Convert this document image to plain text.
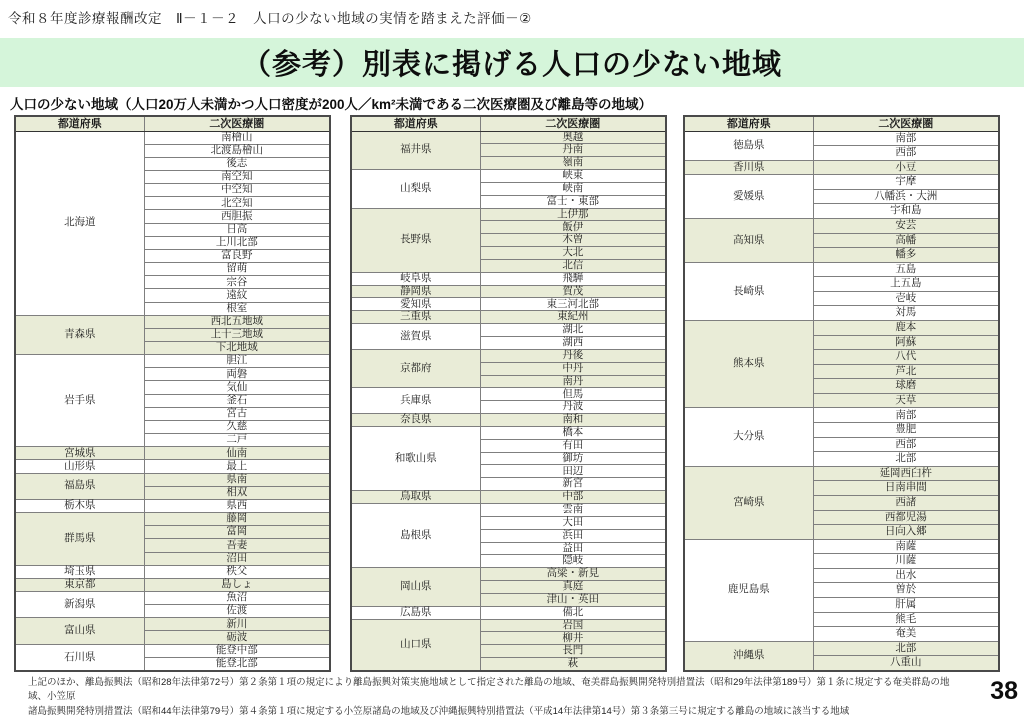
令和８年度診療報酬改定　Ⅱ－１－２　人口の少ない地域の実情を踏まえた評価－②
（参考）別表に掲げる人口の少ない地域
人口の少ない地域（人口20万人未満かつ人口密度が200人／km²未満である二次医療圏及び離島等の地域）
都道府県	二次医療圏
北海道	南檜山
	北渡島檜山
	後志
	南空知
	中空知
	北空知
	西胆振
	日高
	上川北部
	富良野
	留萌
	宗谷
	遠紋
	根室
青森県	西北五地域
	上十三地域
	下北地域
岩手県	胆江
	両磐
	気仙
	釜石
	宮古
	久慈
	二戸
宮城県	仙南
山形県	最上
福島県	県南
	相双
栃木県	県西
群馬県	藤岡
	富岡
	吾妻
	沼田
埼玉県	秩父
東京都	島しょ
新潟県	魚沼
	佐渡
富山県	新川
	砺波
石川県	能登中部
	能登北部
都道府県	二次医療圏
福井県	奥越
	丹南
	嶺南
山梨県	峡東
	峡南
	富士・東部
長野県	上伊那
	飯伊
	木曽
	大北
	北信
岐阜県	飛騨
静岡県	賀茂
愛知県	東三河北部
三重県	東紀州
滋賀県	湖北
	湖西
京都府	丹後
	中丹
	南丹
兵庫県	但馬
	丹波
奈良県	南和
和歌山県	橋本
	有田
	御坊
	田辺
	新宮
鳥取県	中部
島根県	雲南
	大田
	浜田
	益田
	隠岐
岡山県	高梁・新見
	真庭
	津山・英田
広島県	備北
山口県	岩国
	柳井
	長門
	萩
都道府県	二次医療圏
徳島県	南部
	西部
香川県	小豆
愛媛県	宇摩
	八幡浜・大洲
	宇和島
高知県	安芸
	高幡
	幡多
長崎県	五島
	上五島
	壱岐
	対馬
熊本県	鹿本
	阿蘇
	八代
	芦北
	球磨
	天草
大分県	南部
	豊肥
	西部
	北部
宮崎県	延岡西臼杵
	日南串間
	西諸
	西都児湯
	日向入郷
鹿児島県	南薩
	川薩
	出水
	曽於
	肝属
	熊毛
	奄美
沖縄県	北部
	八重山
上記のほか、離島振興法（昭和28年法律第72号）第２条第１項の規定により離島振興対策実施地域として指定された離島の地域、奄美群島振興開発特別措置法（昭和29年法律第189号）第１条に規定する奄美群島の地域、小笠原
諸島振興開発特別措置法（昭和44年法律第79号）第４条第１項に規定する小笠原諸島の地域及び沖縄振興特別措置法（平成14年法律第14号）第３条第三号に規定する離島の地域に該当する地域
38
